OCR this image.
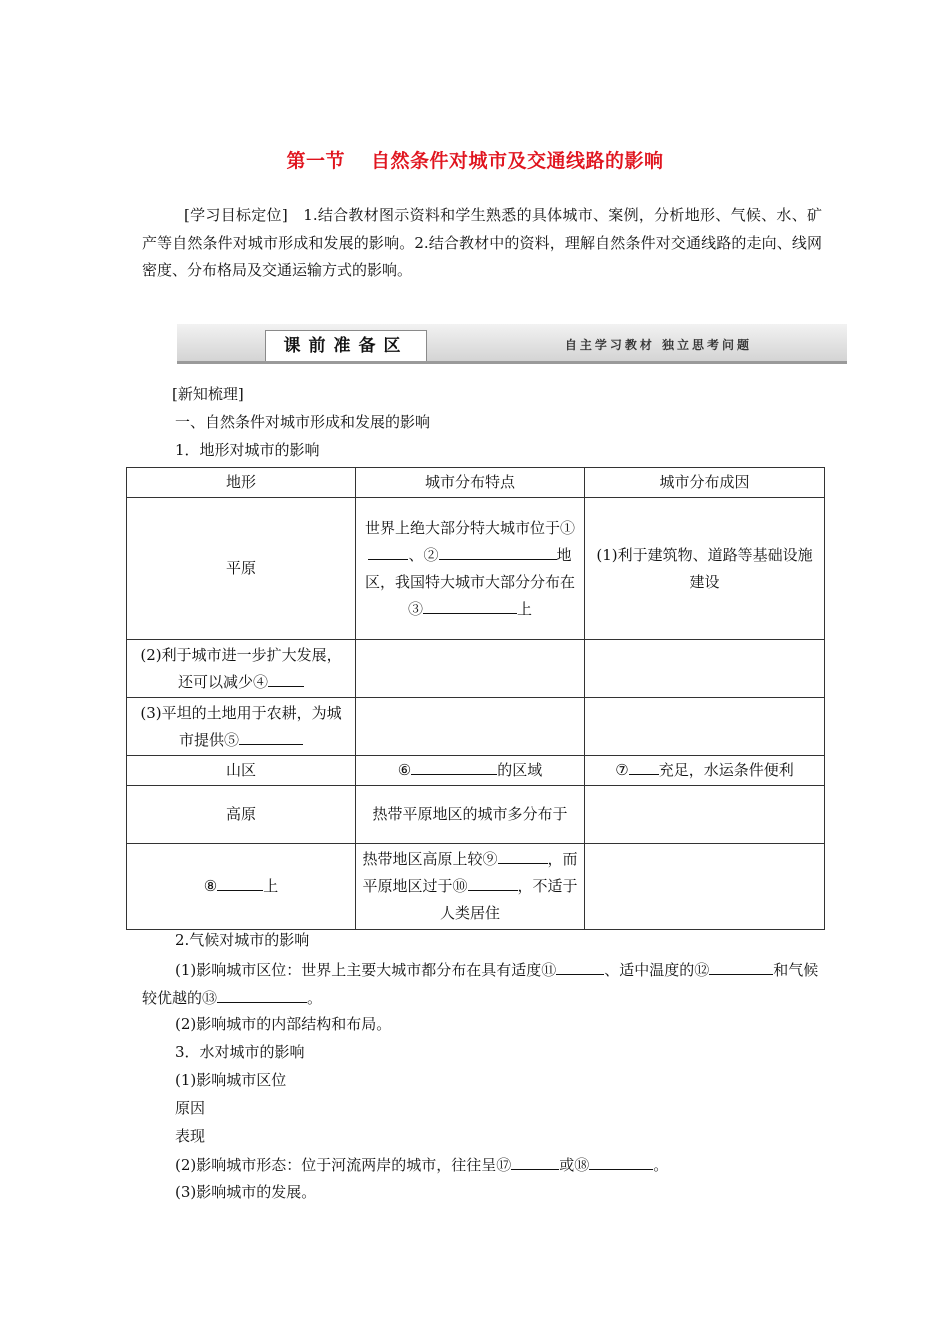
第一节 自然条件对城市及交通线路的影响
[学习目标定位]　1.结合教材图示资料和学生熟悉的具体城市、案例，分析地形、气候、水、矿产等自然条件对城市形成和发展的影响。2.结合教材中的资料，理解自然条件对交通线路的走向、线网密度、分布格局及交通运输方式的影响。
课前准备区	自主学习教材 独立思考问题
[新知梳理]
一、自然条件对城市形成和发展的影响
1．地形对城市的影响
地形	城市分布特点	城市分布成因
平原	世界上绝大部分特大城市位于①、② 地区，我国特大城市大部分分布在③ 上	(1)利于建筑物、道路等基础设施建设
(2)利于城市进一步扩大发展，还可以减少④		
(3)平坦的土地用于农耕，为城市提供⑤		
山区	⑥ 的区域	⑦ 充足，水运条件便利
高原	热带平原地区的城市多分布于	
⑧ 上	热带地区高原上较⑨ ，而平原地区过于⑩ ，不适于人类居住	
2.气候对城市的影响
(1)影响城市区位：世界上主要大城市都分布在具有适度⑪	、适中温度的⑫	和气候较优越的⑬	。
(2)影响城市的内部结构和布局。
3．水对城市的影响
(1)影响城市区位
原因
表现
(2)影响城市形态：位于河流两岸的城市，往往呈⑰	或⑱	。
(3)影响城市的发展。
